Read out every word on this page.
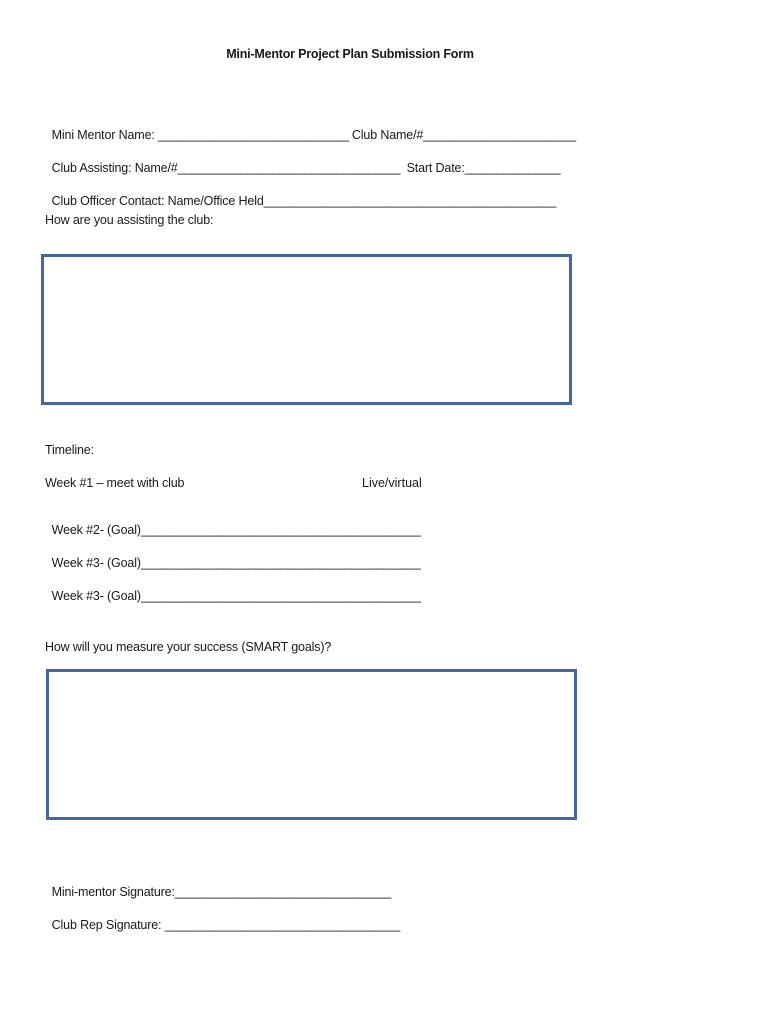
Mini-Mentor Project Plan Submission Form

Mini Mentor Name: ______________________________ Club Name/#________________________

Club Assisting: Name/#___________________________________  Start Date:_______________

Club Officer Contact: Name/Office Held______________________________________________

How are you assisting the club:
Timeline:
Week #1 – meet with club	Live/virtual

Week #2- (Goal)____________________________________________

Week #3- (Goal)____________________________________________

Week #3- (Goal)____________________________________________

How will you measure your success (SMART goals)?

Mini-mentor Signature:__________________________________

Club Rep Signature: _____________________________________
